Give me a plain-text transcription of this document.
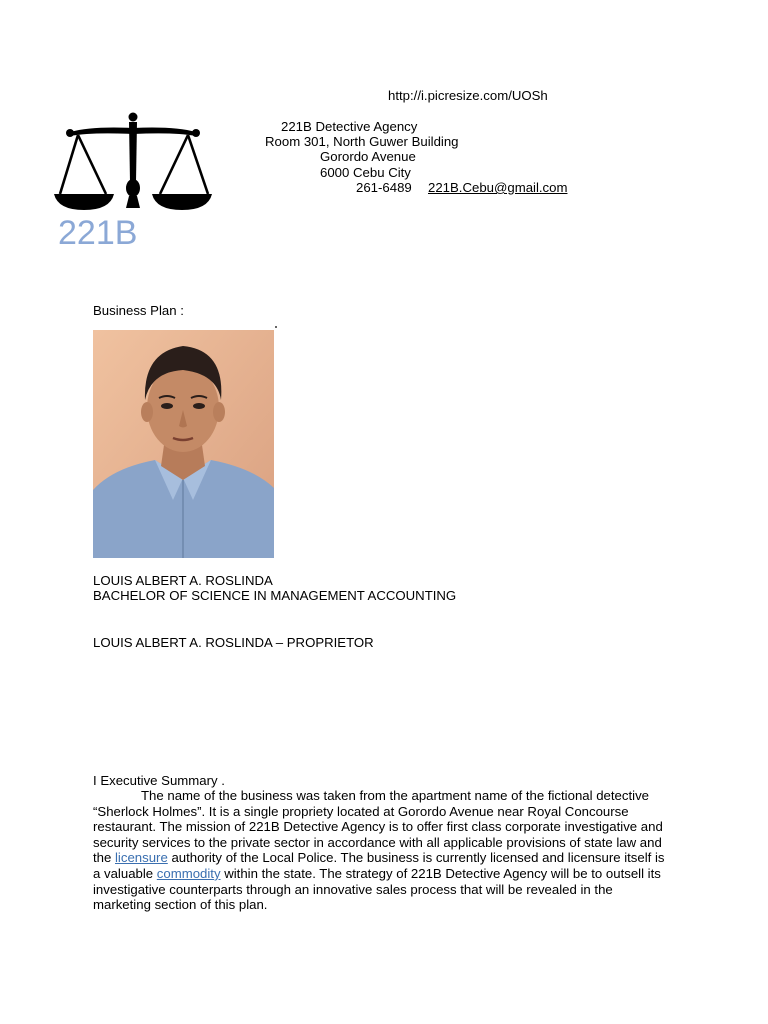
http://i.picresize.com/UOSh
221B Detective Agency
Room 301, North Guwer Building
Gorordo Avenue
6000 Cebu City
261-6489 221B.Cebu@gmail.com
221B
Business Plan :
LOUIS ALBERT A. ROSLINDA
BACHELOR OF SCIENCE IN MANAGEMENT ACCOUNTING
LOUIS ALBERT A. ROSLINDA – PROPRIETOR
I Executive Summary .
The name of the business was taken from the apartment name of the fictional detective “Sherlock Holmes”. It is a single propriety located at Gorordo Avenue near Royal Concourse restaurant. The mission of 221B Detective Agency is to offer first class corporate investigative and security services to the private sector in accordance with all applicable provisions of state law and the licensure authority of the Local Police. The business is currently licensed and licensure itself is a valuable commodity within the state. The strategy of 221B Detective Agency will be to outsell its investigative counterparts through an innovative sales process that will be revealed in the marketing section of this plan.
